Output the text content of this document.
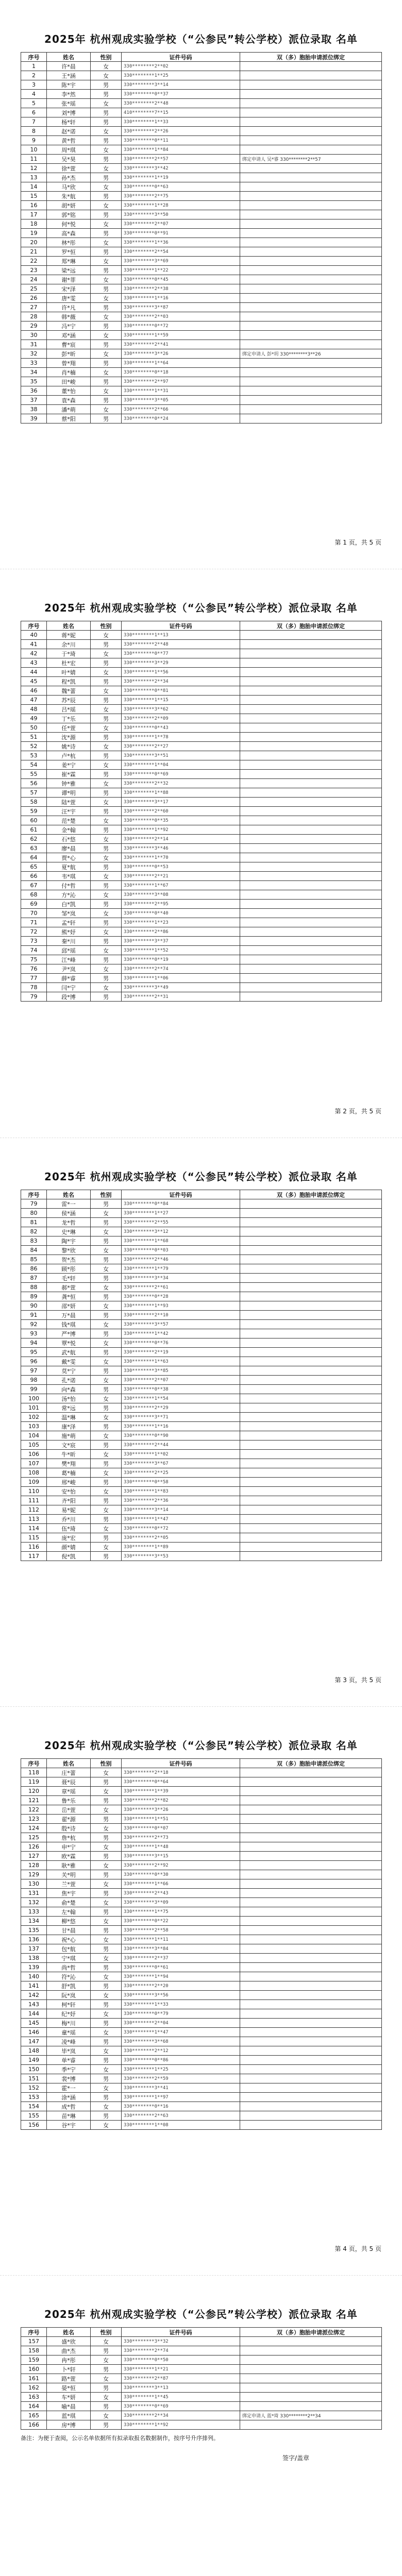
2025年 杭州观成实验学校（“公参民”转公学校）派位录取 名单
序号	姓名	性别	证件号码	双（多）胞胎申请派位绑定
1	许*晨	女	330********2**02	
2	王*涵	女	330********1**25	
3	陈*宇	男	330********3**14	
4	李*然	男	330********0**37	
5	张*瑶	女	330********2**48	
6	刘*博	男	410********7**15	
7	杨*轩	男	330********1**33	
8	赵*诺	女	330********2**26	
9	黄*哲	男	330********0**11	
10	周*琪	女	330********1**84	
11	吴*昊	男	330********2**57	绑定申请人 吴*睿 330********2**57
12	徐*萱	女	330********3**42	
13	孙*杰	男	330********1**19	
14	马*欣	女	330********0**63	
15	朱*航	男	330********2**75	
16	胡*妍	女	330********1**28	
17	郭*铭	男	330********3**50	
18	何*悦	女	330********2**07	
19	高*森	男	330********0**91	
20	林*彤	女	330********1**36	
21	罗*恒	男	330********2**54	
22	郑*琳	女	330********3**69	
23	梁*远	男	330********1**22	
24	谢*菲	女	330********0**45	
25	宋*泽	男	330********2**38	
26	唐*雯	女	330********1**16	
27	许*凡	男	330********3**87	
28	韩*薇	女	330********2**03	
29	冯*宁	男	330********0**72	
30	邓*涵	女	330********1**59	
31	曹*宸	男	330********2**41	
32	彭*昕	女	330********3**26	绑定申请人 彭*玥 330********3**26
33	曾*翔	男	330********1**64	
34	肖*楠	女	330********0**18	
35	田*峻	男	330********2**97	
36	董*怡	女	330********1**31	
37	袁*森	男	330********3**05	
38	潘*萌	女	330********2**66	
39	蔡*阳	男	330********0**24	
第 1 页，共 5 页
2025年 杭州观成实验学校（“公参民”转公学校）派位录取 名单
序号	姓名	性别	证件号码	双（多）胞胎申请派位绑定
40	蒋*妮	女	330********1**13	
41	余*川	男	330********2**48	
42	于*琦	女	330********0**77	
43	杜*宏	男	330********3**29	
44	叶*婧	女	330********1**56	
45	程*凯	男	330********2**34	
46	魏*蕾	女	330********0**81	
47	苏*辰	男	330********1**15	
48	吕*瑶	女	330********3**62	
49	丁*乐	男	330********2**09	
50	任*萱	女	330********0**43	
51	沈*源	男	330********1**78	
52	姚*诗	女	330********2**27	
53	卢*杭	男	330********3**51	
54	姜*宁	女	330********1**04	
55	崔*霖	男	330********0**69	
56	钟*雅	女	330********2**32	
57	谭*明	男	330********1**88	
58	陆*萱	女	330********3**17	
59	汪*宇	男	330********2**60	
60	范*楚	女	330********0**35	
61	金*翰	男	330********1**92	
62	石*悠	女	330********2**14	
63	廖*晨	男	330********3**46	
64	贾*心	女	330********1**70	
65	夏*航	男	330********0**53	
66	韦*琪	女	330********2**21	
67	付*哲	男	330********1**67	
68	方*沁	女	330********3**08	
69	白*凯	男	330********2**95	
70	邹*岚	女	330********0**40	
71	孟*轩	男	330********1**23	
72	熊*妤	女	330********2**86	
73	秦*川	男	330********3**37	
74	邱*瑶	女	330********1**52	
75	江*峰	男	330********0**19	
76	尹*岚	女	330********2**74	
77	薛*睿	男	330********1**06	
78	闫*宁	女	330********3**49	
79	段*博	男	330********2**31	
第 2 页，共 5 页
2025年 杭州观成实验学校（“公参民”转公学校）派位录取 名单
序号	姓名	性别	证件号码	双（多）胞胎申请派位绑定
79	雷*一	男	330********0**84	
80	侯*涵	女	330********1**27	
81	龙*哲	男	330********2**55	
82	史*琳	女	330********3**12	
83	陶*宇	男	330********1**68	
84	黎*欣	女	330********0**03	
85	贺*杰	男	330********2**46	
86	顾*彤	女	330********1**79	
87	毛*轩	男	330********3**34	
88	郝*萱	女	330********2**61	
89	龚*恒	男	330********0**28	
90	邵*妍	女	330********1**93	
91	万*晨	男	330********2**10	
92	钱*琪	女	330********3**57	
93	严*博	男	330********1**42	
94	覃*悦	女	330********0**76	
95	武*航	男	330********2**19	
96	戴*雯	女	330********1**63	
97	莫*宁	男	330********3**85	
98	孔*诺	女	330********2**07	
99	向*森	男	330********0**38	
100	汤*怡	女	330********1**54	
101	常*远	男	330********2**29	
102	温*琳	女	330********3**71	
103	康*泽	男	330********1**16	
104	施*萌	女	330********0**90	
105	文*宸	男	330********2**44	
106	牛*昕	女	330********1**02	
107	樊*翔	男	330********3**67	
108	葛*楠	女	330********2**25	
109	邢*峻	男	330********0**58	
110	安*怡	女	330********1**83	
111	齐*阳	男	330********2**36	
112	易*妮	女	330********3**14	
113	乔*川	男	330********1**47	
114	伍*琦	女	330********0**72	
115	庞*宏	男	330********2**05	
116	颜*婧	女	330********1**89	
117	倪*凯	男	330********3**53	
第 3 页，共 5 页
2025年 杭州观成实验学校（“公参民”转公学校）派位录取 名单
序号	姓名	性别	证件号码	双（多）胞胎申请派位绑定
118	庄*蕾	女	330********2**18	
119	聂*辰	男	330********0**64	
120	章*瑶	女	330********1**39	
121	鲁*乐	男	330********2**82	
122	岳*萱	女	330********3**26	
123	翟*源	男	330********1**51	
124	殷*诗	女	330********0**07	
125	詹*杭	男	330********2**73	
126	申*宁	女	330********1**48	
127	欧*霖	男	330********3**15	
128	耿*雅	女	330********2**92	
129	关*明	男	330********0**30	
130	兰*萱	女	330********1**66	
131	焦*宇	男	330********2**43	
132	俞*楚	女	330********3**09	
133	左*翰	男	330********1**75	
134	柳*悠	女	330********0**22	
135	甘*晨	男	330********2**58	
136	祝*心	女	330********1**11	
137	包*航	男	330********3**84	
138	宁*琪	女	330********2**37	
139	尚*哲	男	330********0**61	
140	符*沁	女	330********1**94	
141	舒*凯	男	330********2**20	
142	阮*岚	女	330********3**56	
143	柯*轩	男	330********1**33	
144	纪*妤	女	330********0**79	
145	梅*川	男	330********2**04	
146	童*瑶	女	330********1**47	
147	凌*峰	男	330********3**68	
148	毕*岚	女	330********2**12	
149	单*睿	男	330********0**86	
150	季*宁	女	330********1**25	
151	裴*博	男	330********2**59	
152	霍*一	女	330********3**41	
153	涂*涵	男	330********1**97	
154	成*哲	女	330********0**16	
155	苗*琳	男	330********2**63	
156	谷*宇	女	330********1**08	
第 4 页，共 5 页
2025年 杭州观成实验学校（“公参民”转公学校）派位录取 名单
序号	姓名	性别	证件号码	双（多）胞胎申请派位绑定
157	盛*欣	女	330********3**32	
158	曲*杰	男	330********2**74	
159	冉*彤	女	330********0**50	
160	卜*轩	男	330********1**21	
161	路*萱	女	330********2**87	
162	晏*恒	男	330********3**13	
163	车*妍	女	330********1**45	
164	喻*晨	男	330********0**69	
165	蓝*琪	女	330********2**34	绑定申请人 蓝*琦 330********2**34
166	房*博	男	330********1**92	
备注：为便于查阅，公示名单依据所有拟录取报名数据制作，按序号升序排列。
签字/盖章
